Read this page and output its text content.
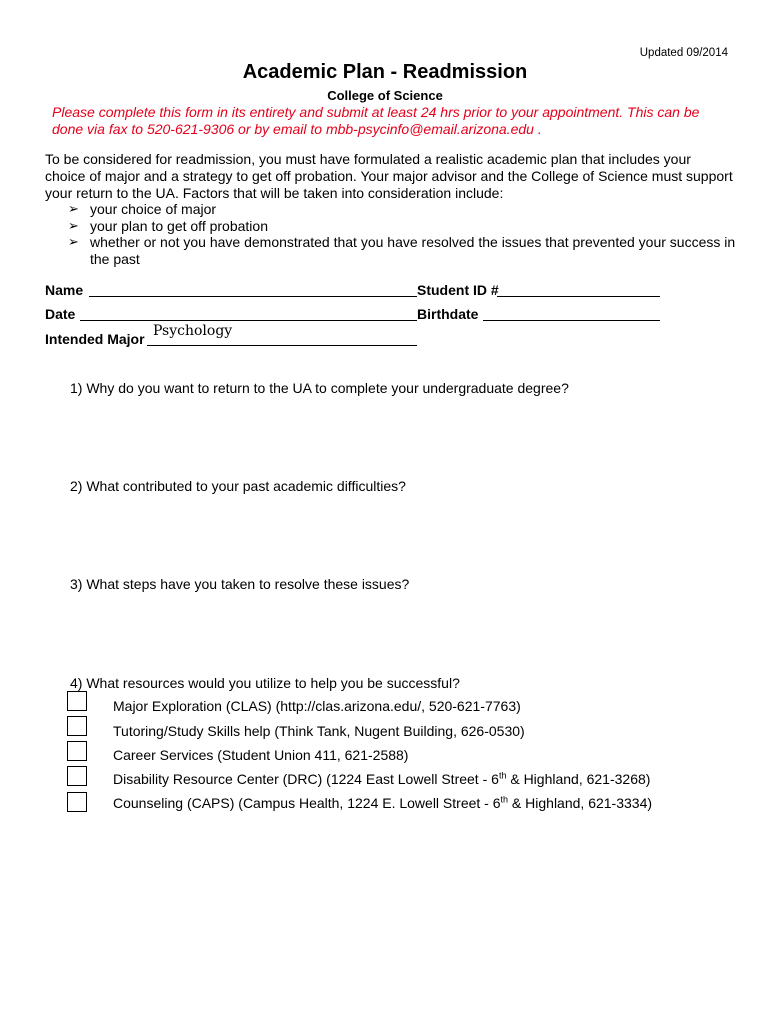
Updated 09/2014
Academic Plan - Readmission
College of Science
Please complete this form in its entirety and submit at least 24 hrs prior to your appointment. This can be done via fax to 520-621-9306 or by email to mbb-psycinfo@email.arizona.edu .
To be considered for readmission, you must have formulated a realistic academic plan that includes your choice of major and a strategy to get off probation. Your major advisor and the College of Science must support your return to the UA. Factors that will be taken into consideration include:
➢ your choice of major
➢ your plan to get off probation
➢ whether or not you have demonstrated that you have resolved the issues that prevented your success in the past
Name	Student ID #
Date	Birthdate
Intended Major Psychology
1) Why do you want to return to the UA to complete your undergraduate degree?
2) What contributed to your past academic difficulties?
3) What steps have you taken to resolve these issues?
4) What resources would you utilize to help you be successful?
Major Exploration (CLAS) (http://clas.arizona.edu/, 520-621-7763)
Tutoring/Study Skills help (Think Tank, Nugent Building, 626-0530)
Career Services (Student Union 411, 621-2588)
Disability Resource Center (DRC) (1224 East Lowell Street - 6th & Highland, 621-3268)
Counseling (CAPS) (Campus Health, 1224 E. Lowell Street - 6th & Highland, 621-3334)
